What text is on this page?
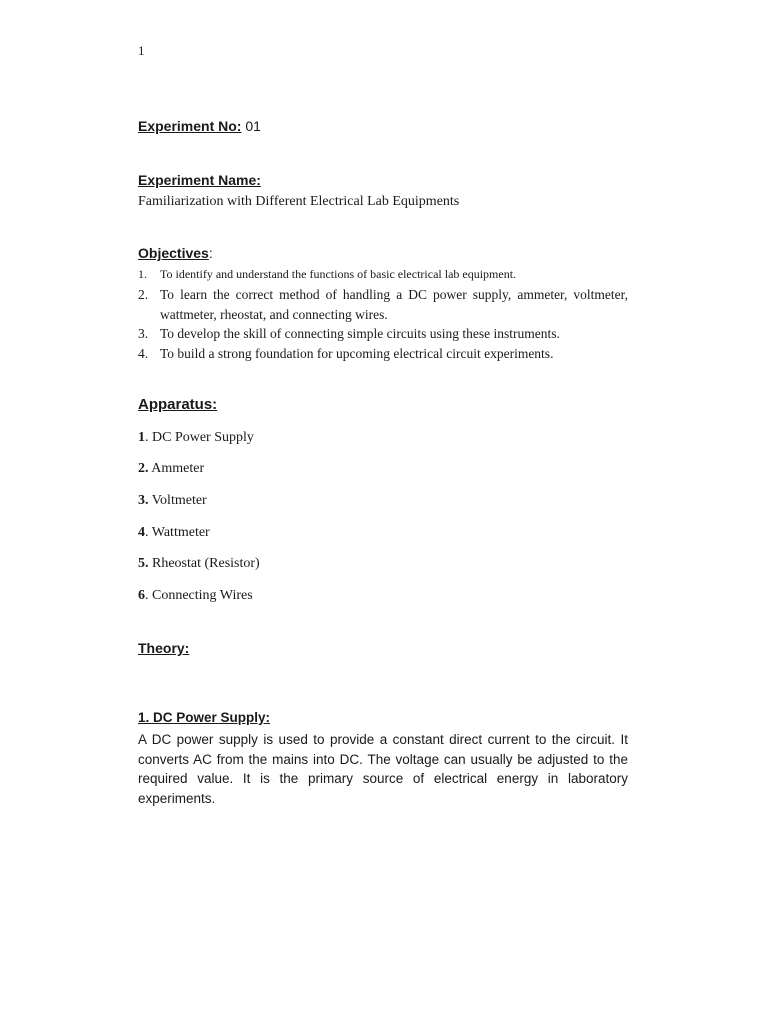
1
Experiment No: 01
Experiment Name:
Familiarization with Different Electrical Lab Equipments
Objectives:
1.	To identify and understand the functions of basic electrical lab equipment.
2. To learn the correct method of handling a DC power supply, ammeter, voltmeter, wattmeter, rheostat, and connecting wires.
3. To develop the skill of connecting simple circuits using these instruments.
4. To build a strong foundation for upcoming electrical circuit experiments.
Apparatus:
1. DC Power Supply
2. Ammeter
3. Voltmeter
4. Wattmeter
5. Rheostat (Resistor)
6. Connecting Wires
Theory:
1. DC Power Supply:
A DC power supply is used to provide a constant direct current to the circuit. It converts AC from the mains into DC. The voltage can usually be adjusted to the required value. It is the primary source of electrical energy in laboratory experiments.
